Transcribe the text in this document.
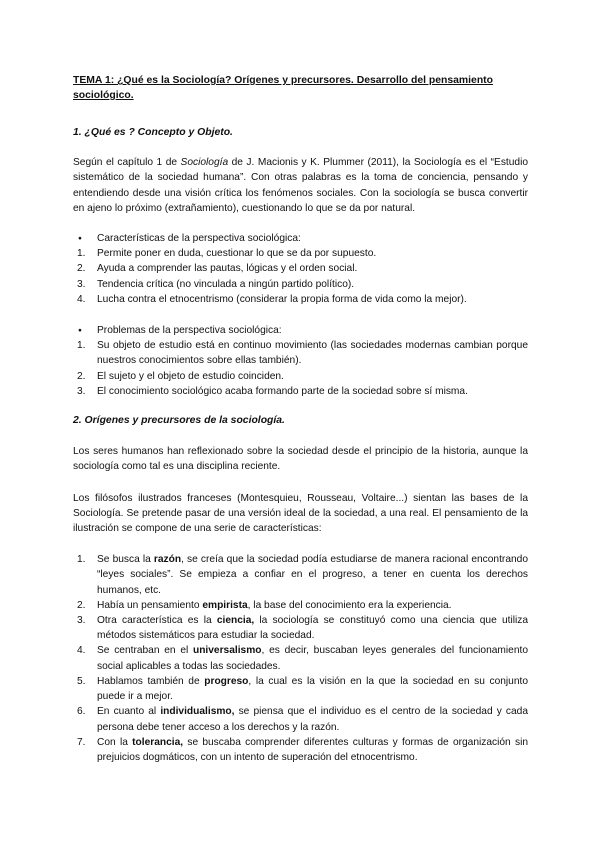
TEMA 1: ¿Qué es la Sociología? Orígenes y precursores. Desarrollo del pensamiento sociológico.

1. ¿Qué es ? Concepto y Objeto.

Según el capítulo 1 de Sociología de J. Macionis y K. Plummer (2011), la Sociología es el “Estudio sistemático de la sociedad humana”. Con otras palabras es la toma de conciencia, pensando y entendiendo desde una visión crítica los fenómenos sociales. Con la sociología se busca convertir en ajeno lo próximo (extrañamiento), cuestionando lo que se da por natural.

● Características de la perspectiva sociológica:
1. Permite poner en duda, cuestionar lo que se da por supuesto.
2. Ayuda a comprender las pautas, lógicas y el orden social.
3. Tendencia crítica (no vinculada a ningún partido político).
4. Lucha contra el etnocentrismo (considerar la propia forma de vida como la mejor).
● Problemas de la perspectiva sociológica:
1. Su objeto de estudio está en continuo movimiento (las sociedades modernas cambian porque nuestros conocimientos sobre ellas también).
2. El sujeto y el objeto de estudio coinciden.
3. El conocimiento sociológico acaba formando parte de la sociedad sobre sí misma.

2. Orígenes y precursores de la sociología.

Los seres humanos han reflexionado sobre la sociedad desde el principio de la historia, aunque la sociología como tal es una disciplina reciente.

Los filósofos ilustrados franceses (Montesquieu, Rousseau, Voltaire...) sientan las bases de la Sociología. Se pretende pasar de una versión ideal de la sociedad, a una real. El pensamiento de la ilustración se compone de una serie de características:

1. Se busca la razón, se creía que la sociedad podía estudiarse de manera racional encontrando “leyes sociales”. Se empieza a confiar en el progreso, a tener en cuenta los derechos humanos, etc.
2. Había un pensamiento empirista, la base del conocimiento era la experiencia.
3. Otra característica es la ciencia, la sociología se constituyó como una ciencia que utiliza métodos sistemáticos para estudiar la sociedad.
4. Se centraban en el universalismo, es decir, buscaban leyes generales del funcionamiento social aplicables a todas las sociedades.
5. Hablamos también de progreso, la cual es la visión en la que la sociedad en su conjunto puede ir a mejor.
6. En cuanto al individualismo, se piensa que el individuo es el centro de la sociedad y cada persona debe tener acceso a los derechos y la razón.
7. Con la tolerancia, se buscaba comprender diferentes culturas y formas de organización sin prejuicios dogmáticos, con un intento de superación del etnocentrismo.
